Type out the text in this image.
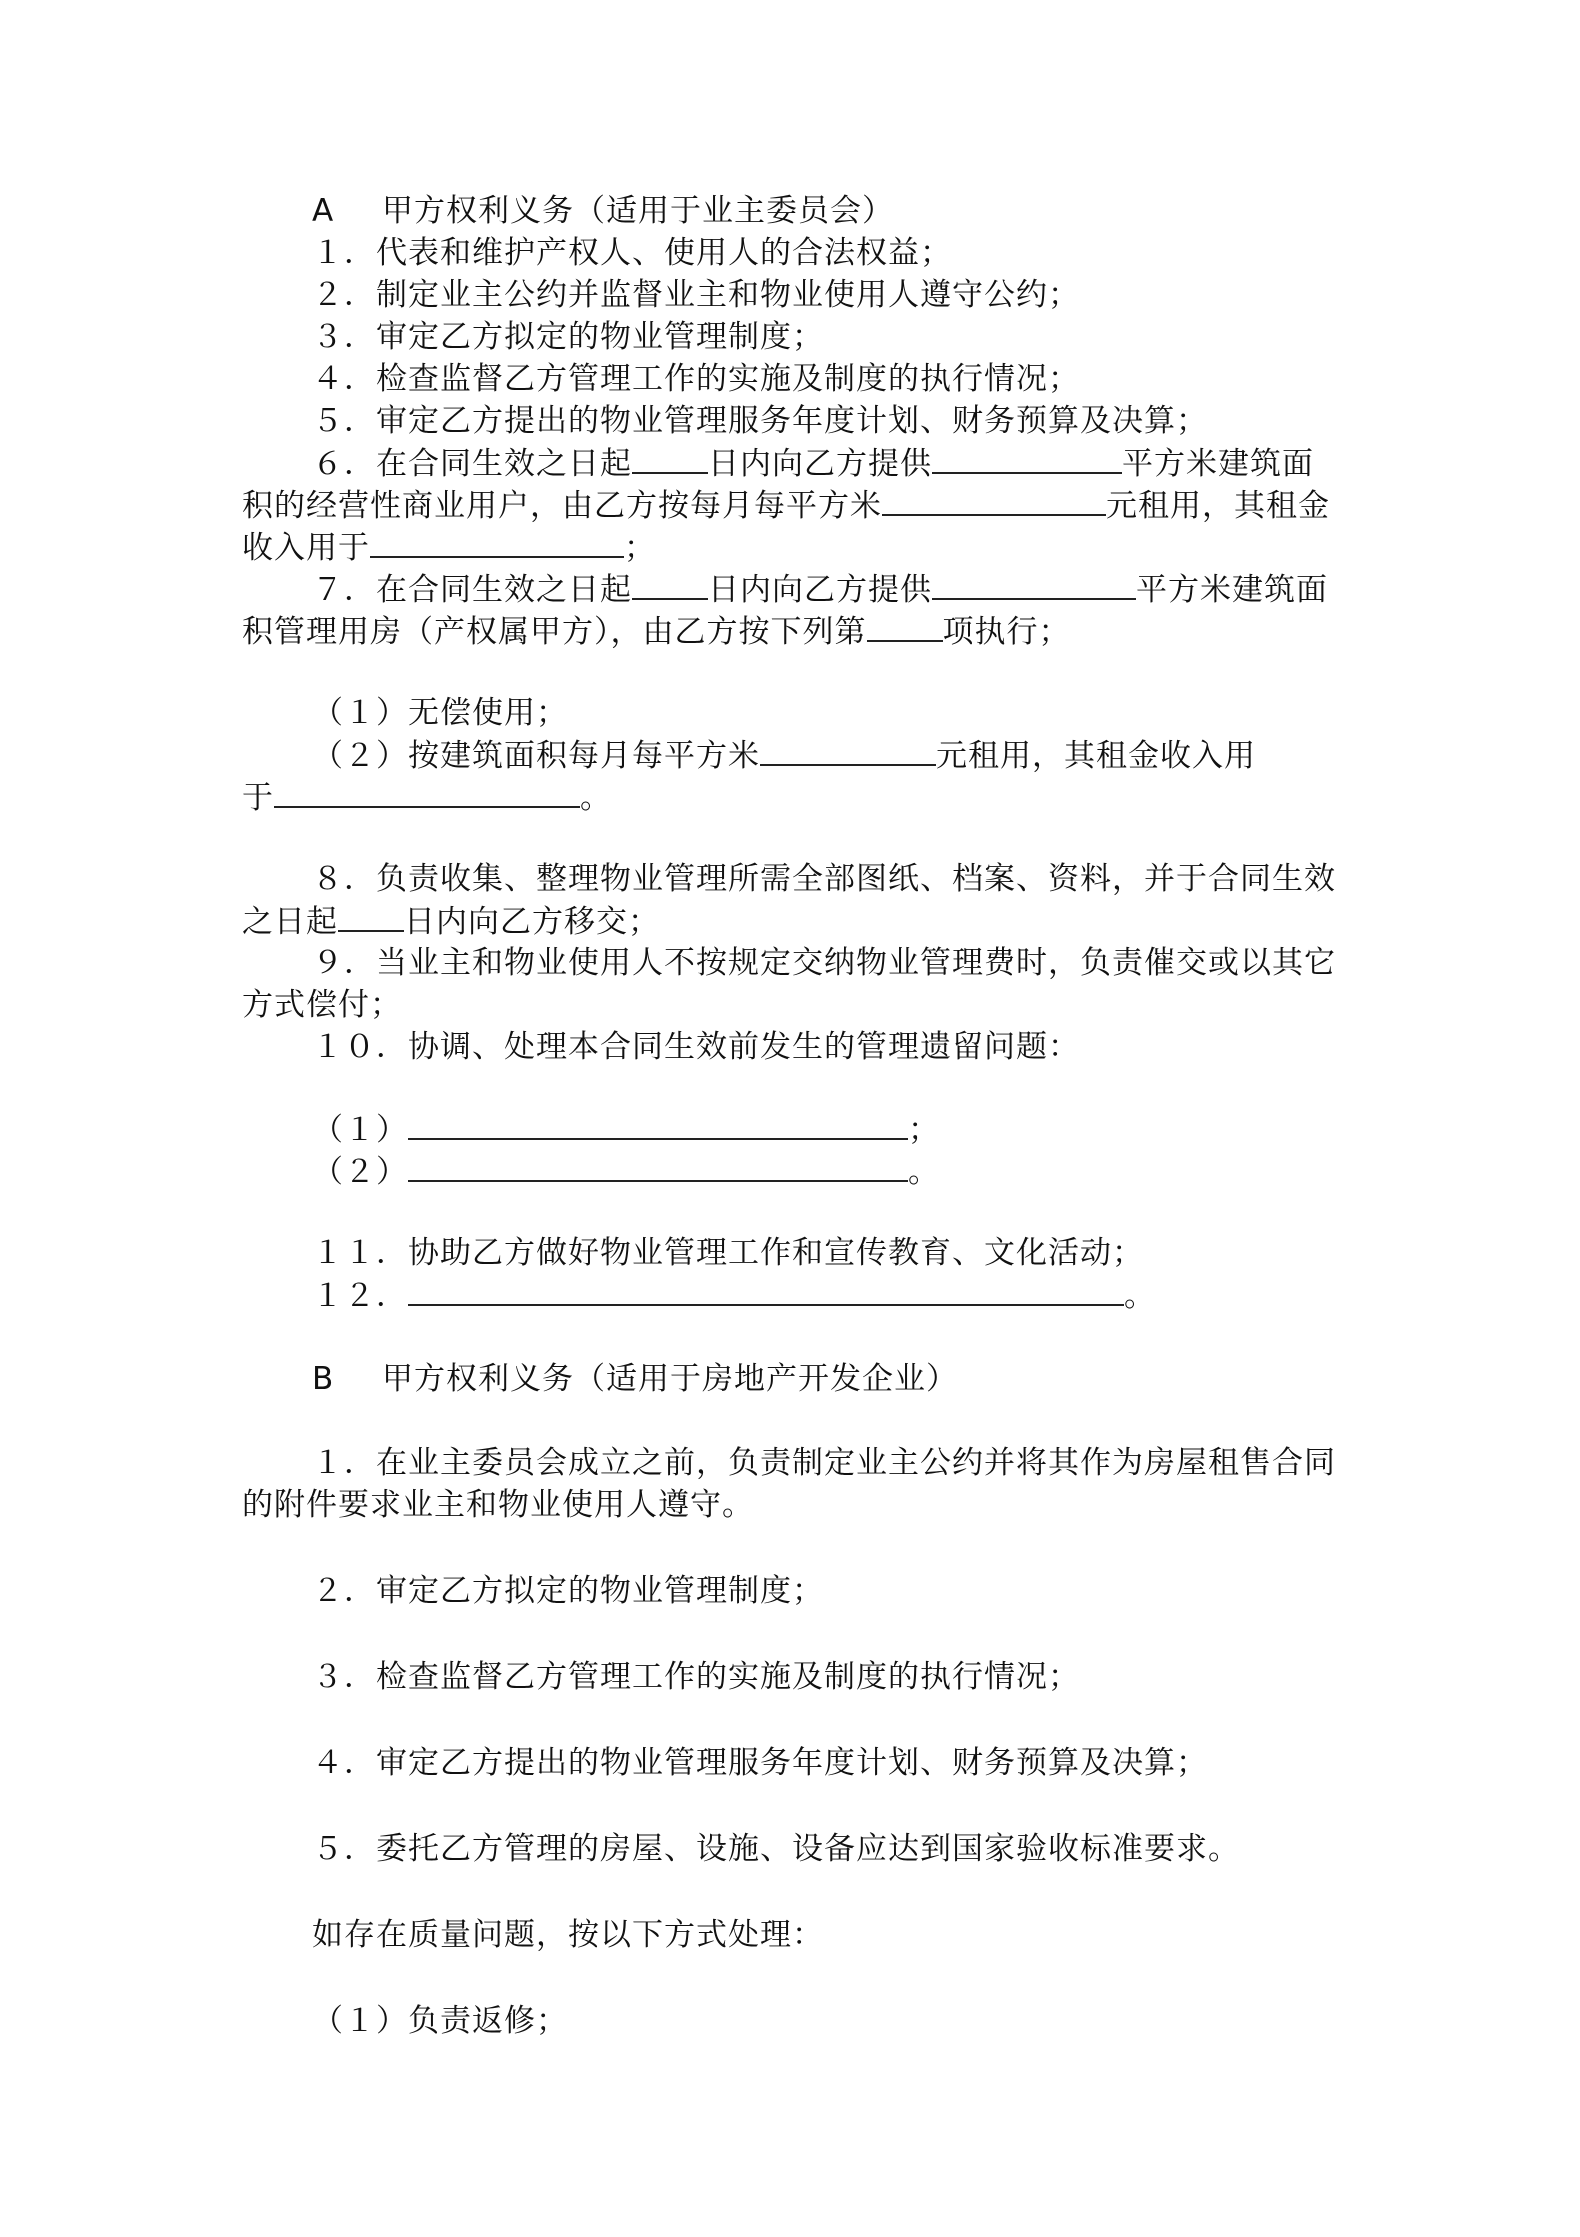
A 甲方权利义务（适用于业主委员会）
１．代表和维护产权人、使用人的合法权益；
２．制定业主公约并监督业主和物业使用人遵守公约；
３．审定乙方拟定的物业管理制度；
４．检查监督乙方管理工作的实施及制度的执行情况；
５．审定乙方提出的物业管理服务年度计划、财务预算及决算；
６．在合同生效之日起 日内向乙方提供	平方米建筑面
积的经营性商业用户，由乙方按每月每平方米	元租用，其租金
收入用于	；
７．在合同生效之日起 日内向乙方提供	平方米建筑面
积管理用房（产权属甲方），由乙方按下列第 项执行；
（１）无偿使用；
（２）按建筑面积每月每平方米	元租用，其租金收入用
于	。
８．负责收集、整理物业管理所需全部图纸、档案、资料，并于合同生效
之日起 日内向乙方移交；
９．当业主和物业使用人不按规定交纳物业管理费时，负责催交或以其它
方式偿付；
１０．协调、处理本合同生效前发生的管理遗留问题：
（１）	；
（２）	。
１１．协助乙方做好物业管理工作和宣传教育、文化活动；
１２．	。
B 甲方权利义务（适用于房地产开发企业）
１．在业主委员会成立之前，负责制定业主公约并将其作为房屋租售合同
的附件要求业主和物业使用人遵守。
２．审定乙方拟定的物业管理制度；
３．检查监督乙方管理工作的实施及制度的执行情况；
４．审定乙方提出的物业管理服务年度计划、财务预算及决算；
５．委托乙方管理的房屋、设施、设备应达到国家验收标准要求。
如存在质量问题，按以下方式处理：
（１）负责返修；
